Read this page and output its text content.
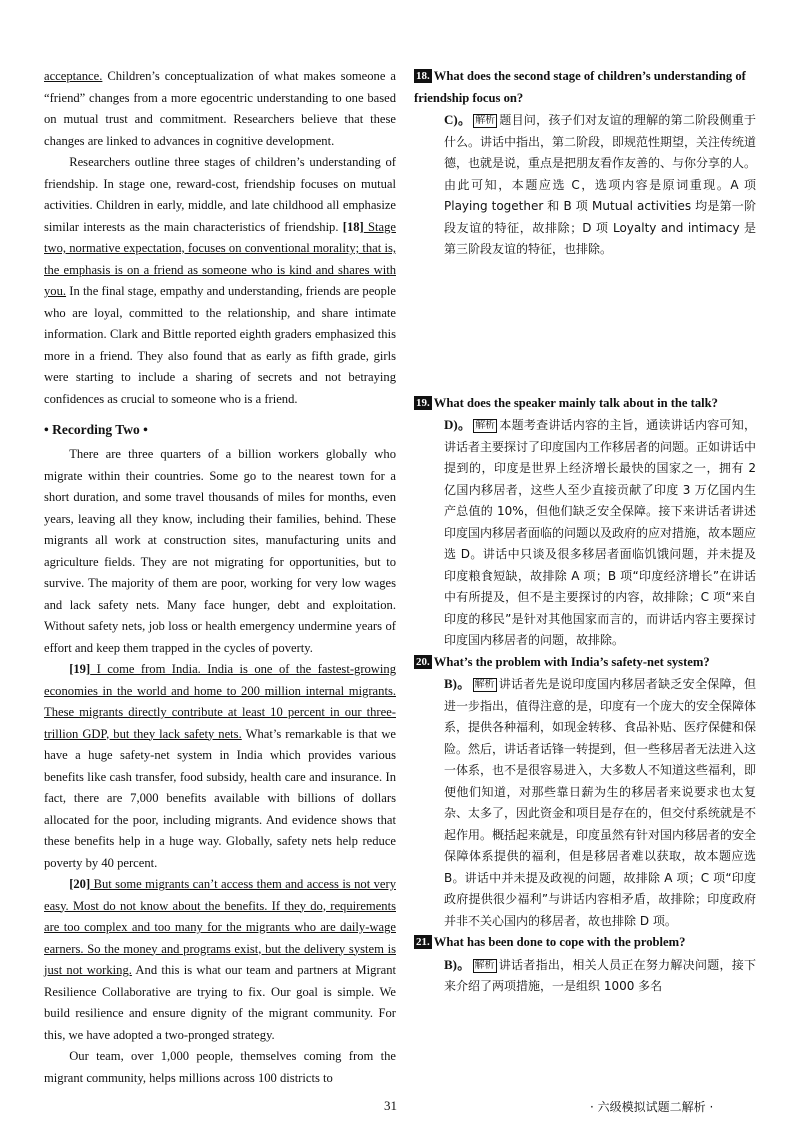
acceptance. Children’s conceptualization of what makes someone a “friend” changes from a more egocentric understanding to one based on mutual trust and commitment. Researchers believe that these changes are linked to advances in cognitive development.

Researchers outline three stages of children’s understanding of friendship. In stage one, reward-cost, friendship focuses on mutual activities. Children in early, middle, and late childhood all emphasize similar interests as the main characteristics of friendship. [18] Stage two, normative expectation, focuses on conventional morality; that is, the emphasis is on a friend as someone who is kind and shares with you. In the final stage, empathy and understanding, friends are people who are loyal, committed to the relationship, and share intimate information. Clark and Bittle reported eighth graders emphasized this more in a friend. They also found that as early as fifth grade, girls were starting to include a sharing of secrets and not betraying confidences as crucial to someone who is a friend.

• Recording Two •

There are three quarters of a billion workers globally who migrate within their countries. Some go to the nearest town for a short duration, and some travel thousands of miles for months, even years, leaving all they know, including their families, behind. These migrants all work at construction sites, manufacturing units and agriculture fields. They are not migrating for opportunities, but to survive. The majority of them are poor, working for very low wages and lack safety nets. Many face hunger, debt and exploitation. Without safety nets, job loss or health emergency undermine years of effort and keep them trapped in the cycles of poverty.

[19] I come from India. India is one of the fastest-growing economies in the world and home to 200 million internal migrants. These migrants directly contribute at least 10 percent in our three-trillion GDP, but they lack safety nets. What’s remarkable is that we have a huge safety-net system in India which provides various benefits like cash transfer, food subsidy, health care and insurance. In fact, there are 7,000 benefits available with billions of dollars allocated for the poor, including migrants. And evidence shows that these benefits help in a huge way. Globally, safety nets help reduce poverty by 40 percent.

[20] But some migrants can’t access them and access is not very easy. Most do not know about the benefits. If they do, requirements are too complex and too many for the migrants who are daily-wage earners. So the money and programs exist, but the delivery system is just not working. And this is what our team and partners at Migrant Resilience Collaborative are trying to fix. Our goal is simple. We build resilience and ensure dignity of the migrant community. For this, we have adopted a two-pronged strategy.

Our team, over 1,000 people, themselves coming from the migrant community, helps millions across 100 districts to

18. What does the second stage of children’s understanding of friendship focus on?
C)。 解析 题目问，孩子们对友谊的理解的第二阶段侧重于什么。讲话中指出，第二阶段，即规范性期望，关注传统道德，也就是说，重点是把朋友看作友善的、与你分享的人。由此可知，本题应选 C，选项内容是原词重现。A 项 Playing together 和 B 项 Mutual activities 均是第一阶段友谊的特征，故排除；D 项 Loyalty and intimacy 是第三阶段友谊的特征，也排除。
19. What does the speaker mainly talk about in the talk?
D)。 解析 本题考查讲话内容的主旨，通读讲话内容可知，讲话者主要探讨了印度国内工作移居者的问题。正如讲话中提到的，印度是世界上经济增长最快的国家之一，拥有 2 亿国内移居者，这些人至少直接贡献了印度 3 万亿国内生产总值的 10%，但他们缺乏安全保障。接下来讲话者讲述印度国内移居者面临的问题以及政府的应对措施，故本题应选 D。讲话中只谈及很多移居者面临饥饿问题，并未提及印度粮食短缺，故排除 A 项；B 项“印度经济增长”在讲话中有所提及，但不是主要探讨的内容，故排除；C 项“来自印度的移民”是针对其他国家而言的，而讲话内容主要探讨印度国内移居者的问题，故排除。
20. What’s the problem with India’s safety-net system?
B)。 解析 讲话者先是说印度国内移居者缺乏安全保障，但进一步指出，值得注意的是，印度有一个庞大的安全保障体系，提供各种福利，如现金转移、食品补贴、医疗保健和保险。然后，讲话者话锋一转提到，但一些移居者无法进入这一体系，也不是很容易进入，大多数人不知道这些福利，即便他们知道，对那些靠日薪为生的移居者来说要求也太复杂、太多了，因此资金和项目是存在的，但交付系统就是不起作用。概括起来就是，印度虽然有针对国内移居者的安全保障体系提供的福利，但是移居者难以获取，故本题应选 B。讲话中并未提及政视的问题，故排除 A 项；C 项“印度政府提供很少福利”与讲话内容相矛盾，故排除；印度政府并非不关心国内的移居者，故也排除 D 项。
21. What has been done to cope with the problem?
B)。 解析 讲话者指出，相关人员正在努力解决问题，接下来介绍了两项措施，一是组织 1000 多名
31	· 六级模拟试题二解析 ·
